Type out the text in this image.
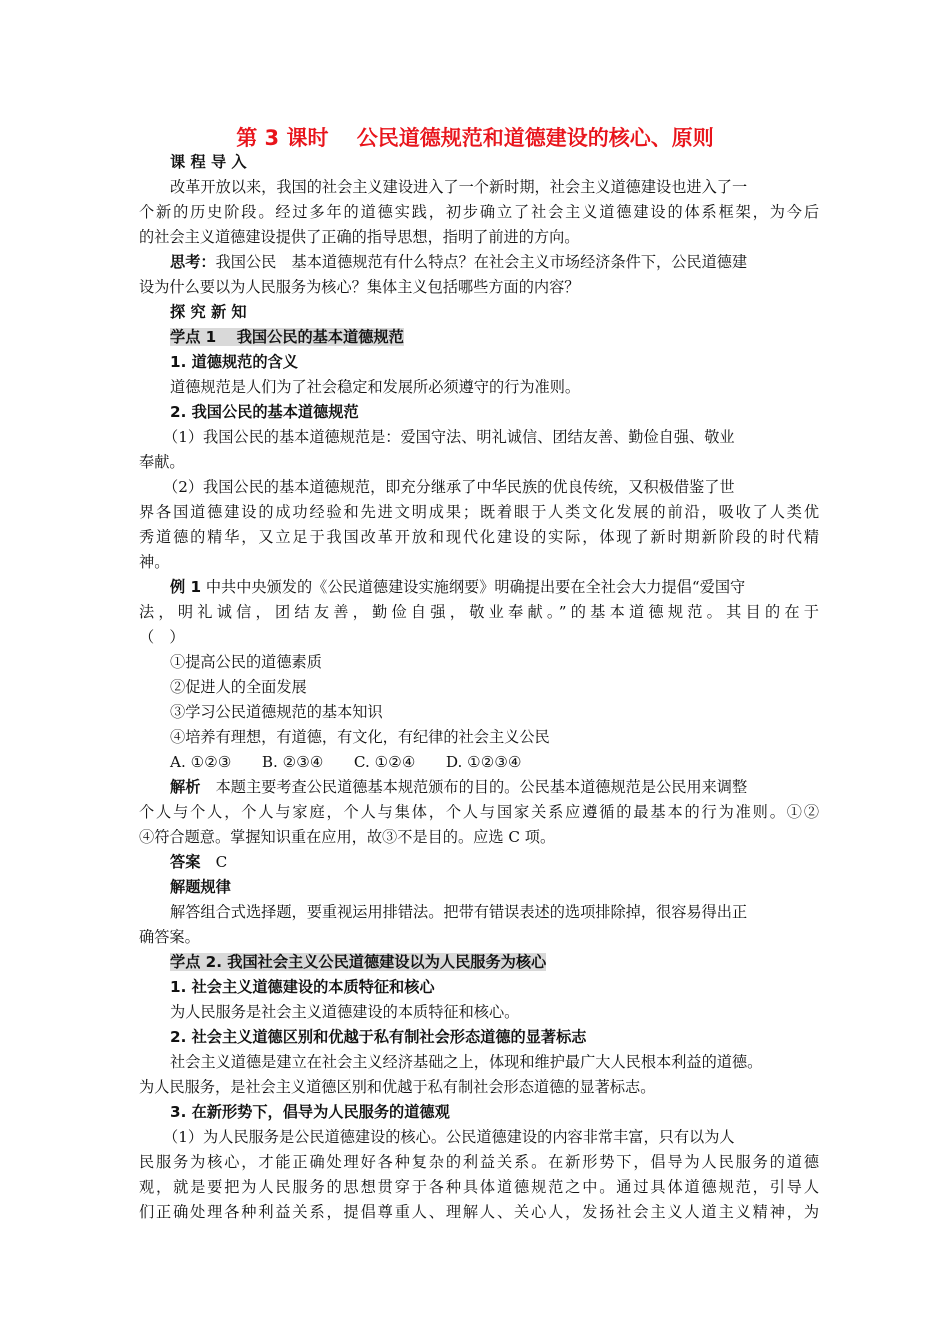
第 3 课时　 公民道德规范和道德建设的核心、原则
课 程 导 入
改革开放以来，我国的社会主义建设进入了一个新时期，社会主义道德建设也进入了一
个新的历史阶段。经过多年的道德实践，初步确立了社会主义道德建设的体系框架，为今后
的社会主义道德建设提供了正确的指导思想，指明了前进的方向。
思考：我国公民　基本道德规范有什么特点？在社会主义市场经济条件下，公民道德建
设为什么要以为人民服务为核心？集体主义包括哪些方面的内容？
探 究 新 知
学点 1　 我国公民的基本道德规范
1. 道德规范的含义
道德规范是人们为了社会稳定和发展所必须遵守的行为准则。
2. 我国公民的基本道德规范
（1）我国公民的基本道德规范是：爱国守法、明礼诚信、团结友善、勤俭自强、敬业
奉献。
（2）我国公民的基本道德规范，即充分继承了中华民族的优良传统，又积极借鉴了世
界各国道德建设的成功经验和先进文明成果；既着眼于人类文化发展的前沿，吸收了人类优
秀道德的精华，又立足于我国改革开放和现代化建设的实际，体现了新时期新阶段的时代精
神。
例 1 中共中央颁发的《公民道德建设实施纲要》明确提出要在全社会大力提倡“爱国守
法，明礼诚信，团结友善，勤俭自强，敬业奉献。”的基本道德规范。其目的在于
（　）
①提高公民的道德素质
②促进人的全面发展
③学习公民道德规范的基本知识
④培养有理想，有道德，有文化，有纪律的社会主义公民
A. ①②③　　B. ②③④　　C. ①②④　　D. ①②③④
解析　本题主要考查公民道德基本规范颁布的目的。公民基本道德规范是公民用来调整
个人与个人，个人与家庭，个人与集体，个人与国家关系应遵循的最基本的行为准则。①②
④符合题意。掌握知识重在应用，故③不是目的。应选 C 项。
答案　C
解题规律
解答组合式选择题，要重视运用排错法。把带有错误表述的选项排除掉，很容易得出正
确答案。
学点 2. 我国社会主义公民道德建设以为人民服务为核心
1. 社会主义道德建设的本质特征和核心
为人民服务是社会主义道德建设的本质特征和核心。
2. 社会主义道德区别和优越于私有制社会形态道德的显著标志
社会主义道德是建立在社会主义经济基础之上，体现和维护最广大人民根本利益的道德。
为人民服务，是社会主义道德区别和优越于私有制社会形态道德的显著标志。
3. 在新形势下，倡导为人民服务的道德观
（1）为人民服务是公民道德建设的核心。公民道德建设的内容非常丰富，只有以为人
民服务为核心，才能正确处理好各种复杂的利益关系。在新形势下，倡导为人民服务的道德
观，就是要把为人民服务的思想贯穿于各种具体道德规范之中。通过具体道德规范，引导人
们正确处理各种利益关系，提倡尊重人、理解人、关心人，发扬社会主义人道主义精神，为
